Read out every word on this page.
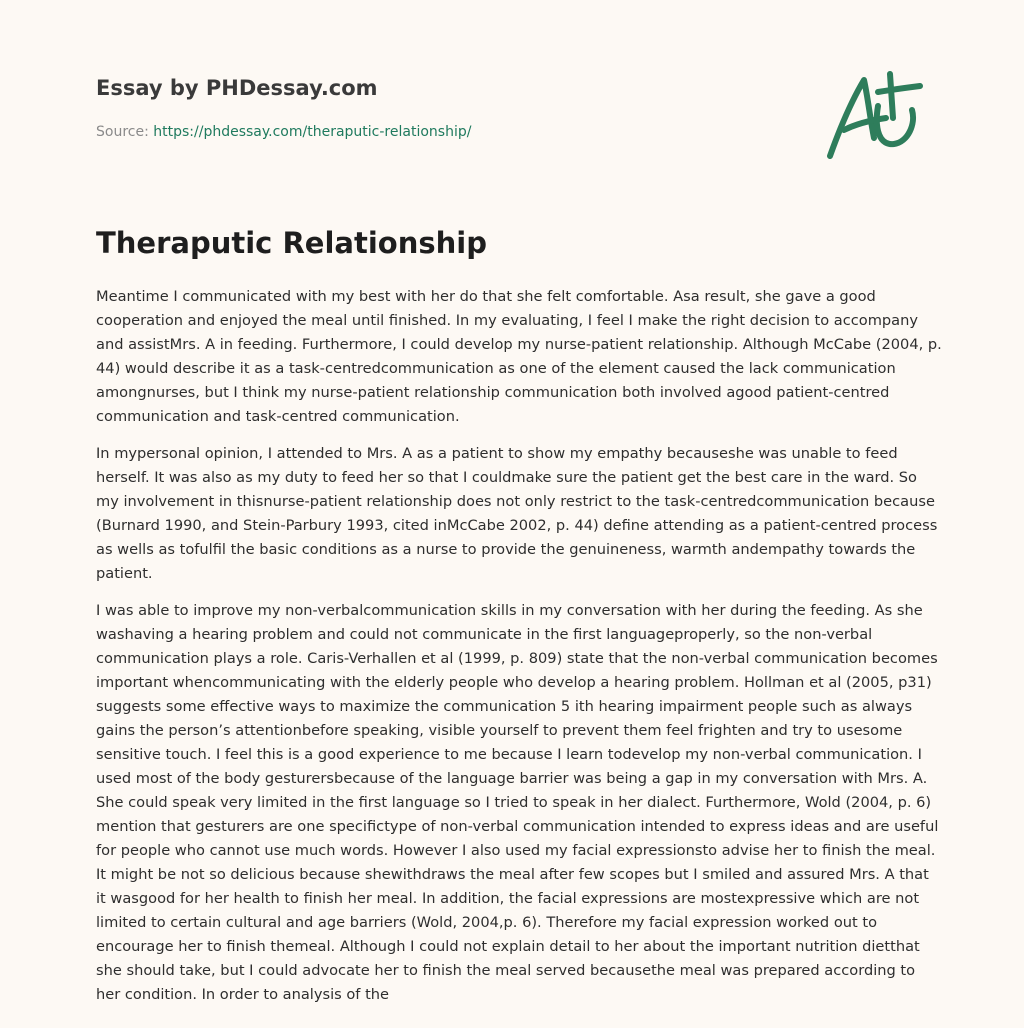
Essay by PHDessay.com
Source: https://phdessay.com/theraputic-relationship/
Theraputic Relationship

Meantime I communicated with my best with her do that she felt comfortable. Asa result, she gave a good cooperation and enjoyed the meal until finished. In my evaluating, I feel I make the right decision to accompany and assistMrs. A in feeding. Furthermore, I could develop my nurse-patient relationship. Although McCabe (2004, p. 44) would describe it as a task-centredcommunication as one of the element caused the lack communication amongnurses, but I think my nurse-patient relationship communication both involved agood patient-centred communication and task-centred communication.

In mypersonal opinion, I attended to Mrs. A as a patient to show my empathy becauseshe was unable to feed herself. It was also as my duty to feed her so that I couldmake sure the patient get the best care in the ward. So my involvement in thisnurse-patient relationship does not only restrict to the task-centredcommunication because (Burnard 1990, and Stein-Parbury 1993, cited inMcCabe 2002, p. 44) define attending as a patient-centred process as wells as tofulfil the basic conditions as a nurse to provide the genuineness, warmth andempathy towards the patient.

I was able to improve my non-verbalcommunication skills in my conversation with her during the feeding. As she washaving a hearing problem and could not communicate in the first languageproperly, so the non-verbal communication plays a role. Caris-Verhallen et al (1999, p. 809) state that the non-verbal communication becomes important whencommunicating with the elderly people who develop a hearing problem. Hollman et al (2005, p31) suggests some effective ways to maximize the communication 5 ith hearing impairment people such as always gains the person’s attentionbefore speaking, visible yourself to prevent them feel frighten and try to usesome sensitive touch. I feel this is a good experience to me because I learn todevelop my non-verbal communication. I used most of the body gesturersbecause of the language barrier was being a gap in my conversation with Mrs. A. She could speak very limited in the first language so I tried to speak in her dialect. Furthermore, Wold (2004, p. 6) mention that gesturers are one specifictype of non-verbal communication intended to express ideas and are useful for people who cannot use much words. However I also used my facial expressionsto advise her to finish the meal. It might be not so delicious because shewithdraws the meal after few scopes but I smiled and assured Mrs. A that it wasgood for her health to finish her meal. In addition, the facial expressions are mostexpressive which are not limited to certain cultural and age barriers (Wold, 2004,p. 6). Therefore my facial expression worked out to encourage her to finish themeal. Although I could not explain detail to her about the important nutrition dietthat she should take, but I could advocate her to finish the meal served becausethe meal was prepared according to her condition. In order to analysis of the
